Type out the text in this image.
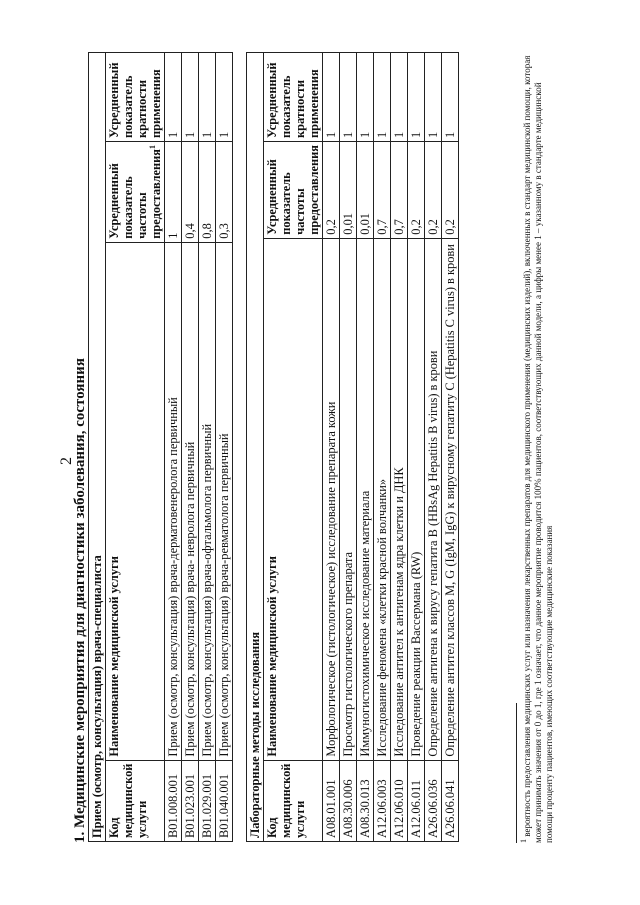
2
1. Медицинские мероприятия для диагностики заболевания, состояния Прием (осмотр, консультация) врача-специалиста			
Код медицинской услуги	Наименование медицинской услуги	Усредненный показатель частоты предоставления$^1$	Усредненный показатель кратности применения
B01.008.001	Прием (осмотр, консультация) врача-дерматовенеролога первичный	1	1
B01.023.001	Прием (осмотр, консультация) врача- невролога первичный	0,4	1
B01.029.001	Прием (осмотр, консультация) врача-офтальмолога первичный	0,8	1
B01.040.001	Прием (осмотр, консультация) врача-ревматолога первичный	0,3	1
Лабораторные методы исследования			
Код медицинской услуги	Наименование медицинской услуги	Усредненный показатель частоты предоставления	Усредненный показатель кратности применения
A08.01.001	Морфологическое (гистологическое) исследование препарата кожи	0,2	1
A08.30.006	Просмотр гистологического препарата	0,01	1
A08.30.013	Иммуногистохимическое исследование материала	0,01	1
A12.06.003	Исследование феномена «клетки красной волчанки»	0,7	1
A12.06.010	Исследование антител к антигенам ядра клетки и ДНК	0,7	1
A12.06.011	Проведение реакции Вассермана (RW)	0,2	1
A26.06.036	Определение антигена к вирусу гепатита B (HBsAg Hepatitis B virus) в крови	0,2	1
A26.06.041	Определение антител классов M, G (IgM, IgG) к вирусному гепатиту C (Hepatitis C virus) в крови	0,2	1
$^1$ вероятность предоставления медицинских услуг или назначения лекарственных препаратов для медицинского применения (медицинских изделий), включенных в стандарт медицинской помощи, которая может принимать значения от 0 до 1, где 1 означает, что данное мероприятие проводится 100% пациентов, соответствующих данной модели, а цифры менее 1 – указанному в стандарте медицинской помощи проценту пациентов, имеющих соответствующие медицинские показания
